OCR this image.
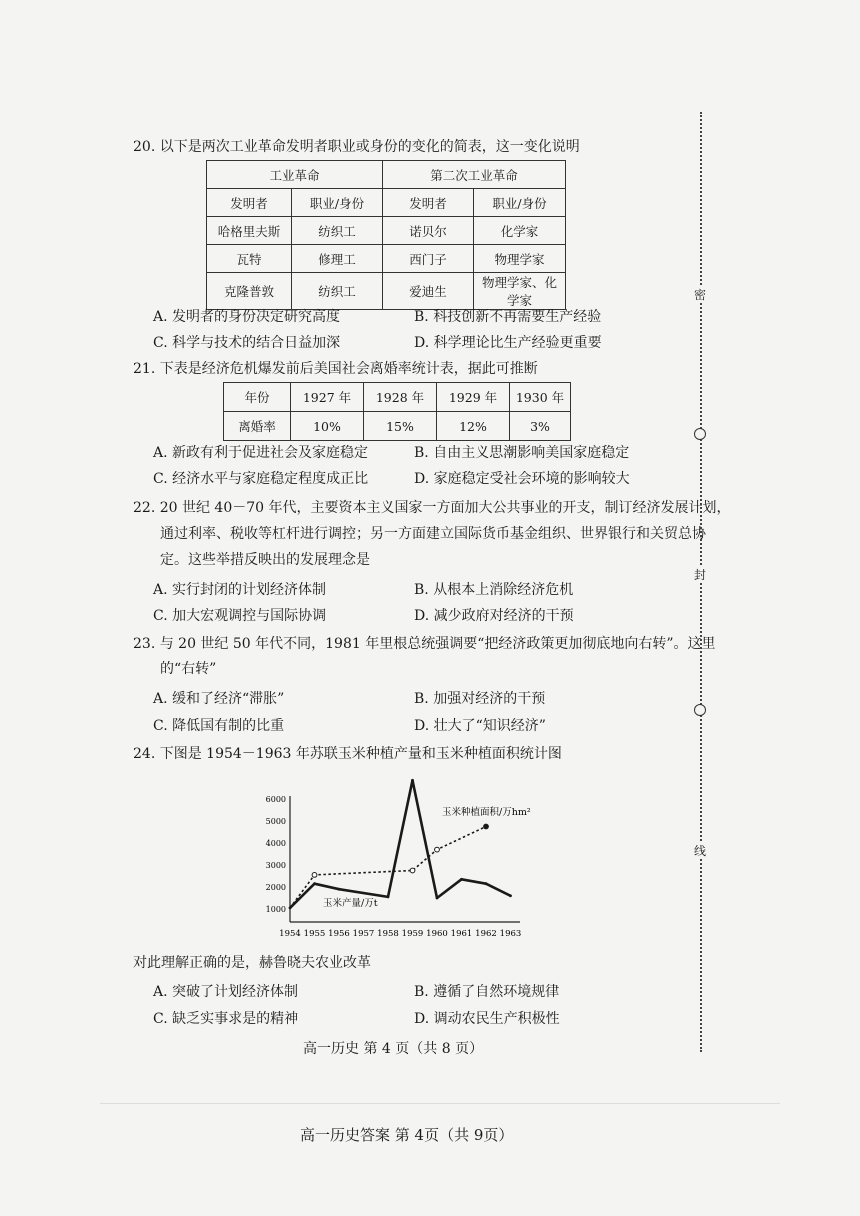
20. 以下是两次工业革命发明者职业或身份的变化的简表，这一变化说明
工业革命		第二次工业革命	
发明者	职业/身份	发明者	职业/身份
哈格里夫斯	纺织工	诺贝尔	化学家
瓦特	修理工	西门子	物理学家
克隆普敦	纺织工	爱迪生	物理学家、化学家
A. 发明者的身份决定研究高度	B. 科技创新不再需要生产经验
C. 科学与技术的结合日益加深	D. 科学理论比生产经验更重要
21. 下表是经济危机爆发前后美国社会离婚率统计表，据此可推断
年份	1927 年	1928 年	1929 年	1930 年
离婚率	10%	15%	12%	3%
A. 新政有利于促进社会及家庭稳定	B. 自由主义思潮影响美国家庭稳定
C. 经济水平与家庭稳定程度成正比	D. 家庭稳定受社会环境的影响较大
22. 20 世纪 40－70 年代，主要资本主义国家一方面加大公共事业的开支，制订经济发展计划，
通过利率、税收等杠杆进行调控；另一方面建立国际货币基金组织、世界银行和关贸总协
定。这些举措反映出的发展理念是
A. 实行封闭的计划经济体制	B. 从根本上消除经济危机
C. 加大宏观调控与国际协调	D. 减少政府对经济的干预
23. 与 20 世纪 50 年代不同，1981 年里根总统强调要“把经济政策更加彻底地向右转”。这里
的“右转”
A. 缓和了经济“滞胀”	B. 加强对经济的干预
C. 降低国有制的比重	D. 壮大了“知识经济”
24. 下图是 1954－1963 年苏联玉米种植产量和玉米种植面积统计图
6000
5000
4000
3000
2000
1000
1954 1955 1956 1957 1958 1959 1960 1961 1962 1963
玉米产量/万t
玉米种植面积/万hm²
对此理解正确的是，赫鲁晓夫农业改革
A. 突破了计划经济体制	B. 遵循了自然环境规律
C. 缺乏实事求是的精神	D. 调动农民生产积极性
高一历史 第 4 页（共 8 页）
高一历史答案 第 4页（共 9页）
密
封
线
